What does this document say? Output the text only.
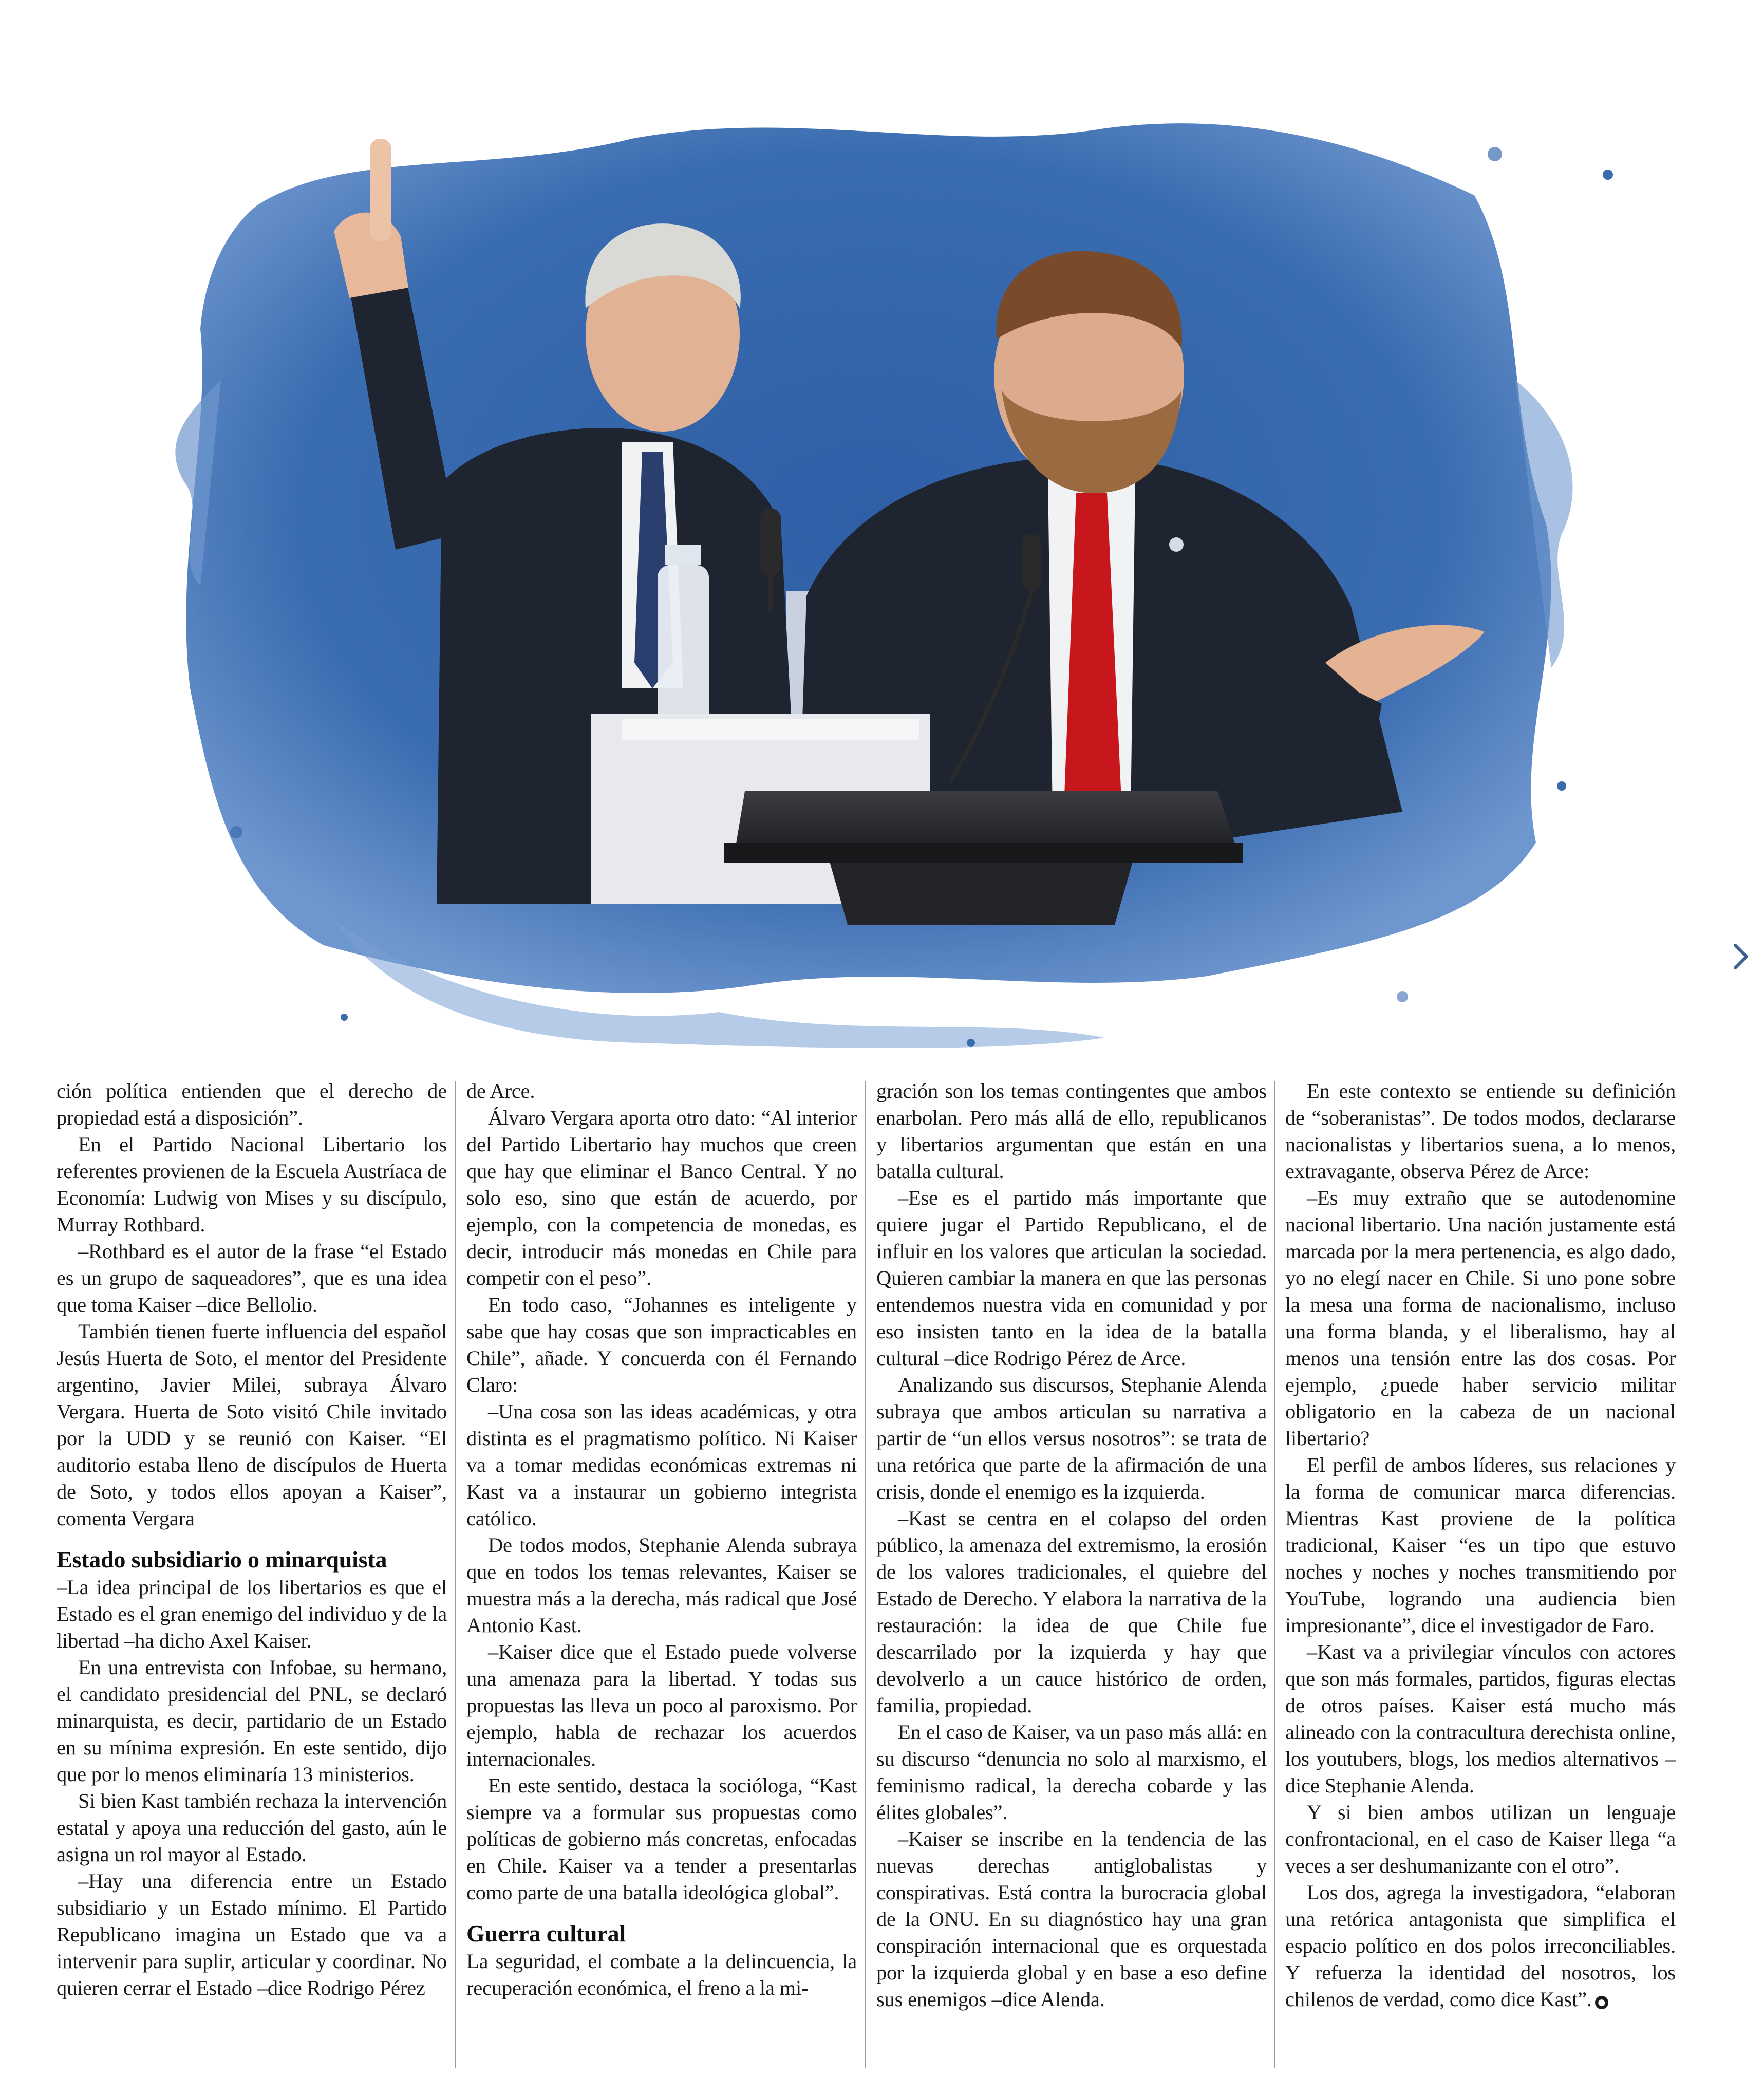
ción política entienden que el derecho de propiedad está a disposición”.

En el Partido Nacional Libertario los referentes provienen de la Escuela Austríaca de Economía: Ludwig von Mises y su discípulo, Murray Rothbard.

–Rothbard es el autor de la frase “el Estado es un grupo de saqueadores”, que es una idea que toma Kaiser –dice Bellolio.

También tienen fuerte influencia del español Jesús Huerta de Soto, el mentor del Presidente argentino, Javier Milei, subraya Álvaro Vergara. Huerta de Soto visitó Chile invitado por la UDD y se reunió con Kaiser. “El auditorio estaba lleno de discípulos de Huerta de Soto, y todos ellos apoyan a Kaiser”, comenta Vergara

Estado subsidiario o minarquista

–La idea principal de los libertarios es que el Estado es el gran enemigo del individuo y de la libertad –ha dicho Axel Kaiser.

En una entrevista con Infobae, su hermano, el candidato presidencial del PNL, se declaró minarquista, es decir, partidario de un Estado en su mínima expresión. En este sentido, dijo que por lo menos eliminaría 13 ministerios.

Si bien Kast también rechaza la intervención estatal y apoya una reducción del gasto, aún le asigna un rol mayor al Estado.

–Hay una diferencia entre un Estado subsidiario y un Estado mínimo. El Partido Republicano imagina un Estado que va a intervenir para suplir, articular y coordinar. No quieren cerrar el Estado –dice Rodrigo Pérez

de Arce.

Álvaro Vergara aporta otro dato: “Al interior del Partido Libertario hay muchos que creen que hay que eliminar el Banco Central. Y no solo eso, sino que están de acuerdo, por ejemplo, con la competencia de monedas, es decir, introducir más monedas en Chile para competir con el peso”.

En todo caso, “Johannes es inteligente y sabe que hay cosas que son impracticables en Chile”, añade. Y concuerda con él Fernando Claro:

–Una cosa son las ideas académicas, y otra distinta es el pragmatismo político. Ni Kaiser va a tomar medidas económicas extremas ni Kast va a instaurar un gobierno integrista católico.

De todos modos, Stephanie Alenda subraya que en todos los temas relevantes, Kaiser se muestra más a la derecha, más radical que José Antonio Kast.

–Kaiser dice que el Estado puede volverse una amenaza para la libertad. Y todas sus propuestas las lleva un poco al paroxismo. Por ejemplo, habla de rechazar los acuerdos internacionales.

En este sentido, destaca la socióloga, “Kast siempre va a formular sus propuestas como políticas de gobierno más concretas, enfocadas en Chile. Kaiser va a tender a presentarlas como parte de una batalla ideológica global”.

Guerra cultural

La seguridad, el combate a la delincuencia, la recuperación económica, el freno a la mi-

gración son los temas contingentes que ambos enarbolan. Pero más allá de ello, republicanos y libertarios argumentan que están en una batalla cultural.

–Ese es el partido más importante que quiere jugar el Partido Republicano, el de influir en los valores que articulan la sociedad. Quieren cambiar la manera en que las personas entendemos nuestra vida en comunidad y por eso insisten tanto en la idea de la batalla cultural –dice Rodrigo Pérez de Arce.

Analizando sus discursos, Stephanie Alenda subraya que ambos articulan su narrativa a partir de “un ellos versus nosotros”: se trata de una retórica que parte de la afirmación de una crisis, donde el enemigo es la izquierda.

–Kast se centra en el colapso del orden público, la amenaza del extremismo, la erosión de los valores tradicionales, el quiebre del Estado de Derecho. Y elabora la narrativa de la restauración: la idea de que Chile fue descarrilado por la izquierda y hay que devolverlo a un cauce histórico de orden, familia, propiedad.

En el caso de Kaiser, va un paso más allá: en su discurso “denuncia no solo al marxismo, el feminismo radical, la derecha cobarde y las élites globales”.

–Kaiser se inscribe en la tendencia de las nuevas derechas antiglobalistas y conspirativas. Está contra la burocracia global de la ONU. En su diagnóstico hay una gran conspiración internacional que es orquestada por la izquierda global y en base a eso define sus enemigos –dice Alenda.

En este contexto se entiende su definición de “soberanistas”. De todos modos, declararse nacionalistas y libertarios suena, a lo menos, extravagante, observa Pérez de Arce:

–Es muy extraño que se autodenomine nacional libertario. Una nación justamente está marcada por la mera pertenencia, es algo dado, yo no elegí nacer en Chile. Si uno pone sobre la mesa una forma de nacionalismo, incluso una forma blanda, y el liberalismo, hay al menos una tensión entre las dos cosas. Por ejemplo, ¿puede haber servicio militar obligatorio en la cabeza de un nacional libertario?

El perfil de ambos líderes, sus relaciones y la forma de comunicar marca diferencias. Mientras Kast proviene de la política tradicional, Kaiser “es un tipo que estuvo noches y noches y noches transmitiendo por YouTube, logrando una audiencia bien impresionante”, dice el investigador de Faro.

–Kast va a privilegiar vínculos con actores que son más formales, partidos, figuras electas de otros países. Kaiser está mucho más alineado con la contracultura derechista online, los youtubers, blogs, los medios alternativos –dice Stephanie Alenda.

Y si bien ambos utilizan un lenguaje confrontacional, en el caso de Kaiser llega “a veces a ser deshumanizante con el otro”.

Los dos, agrega la investigadora, “elaboran una retórica antagonista que simplifica el espacio político en dos polos irreconciliables. Y refuerza la identidad del nosotros, los chilenos de verdad, como dice Kast”. ●
